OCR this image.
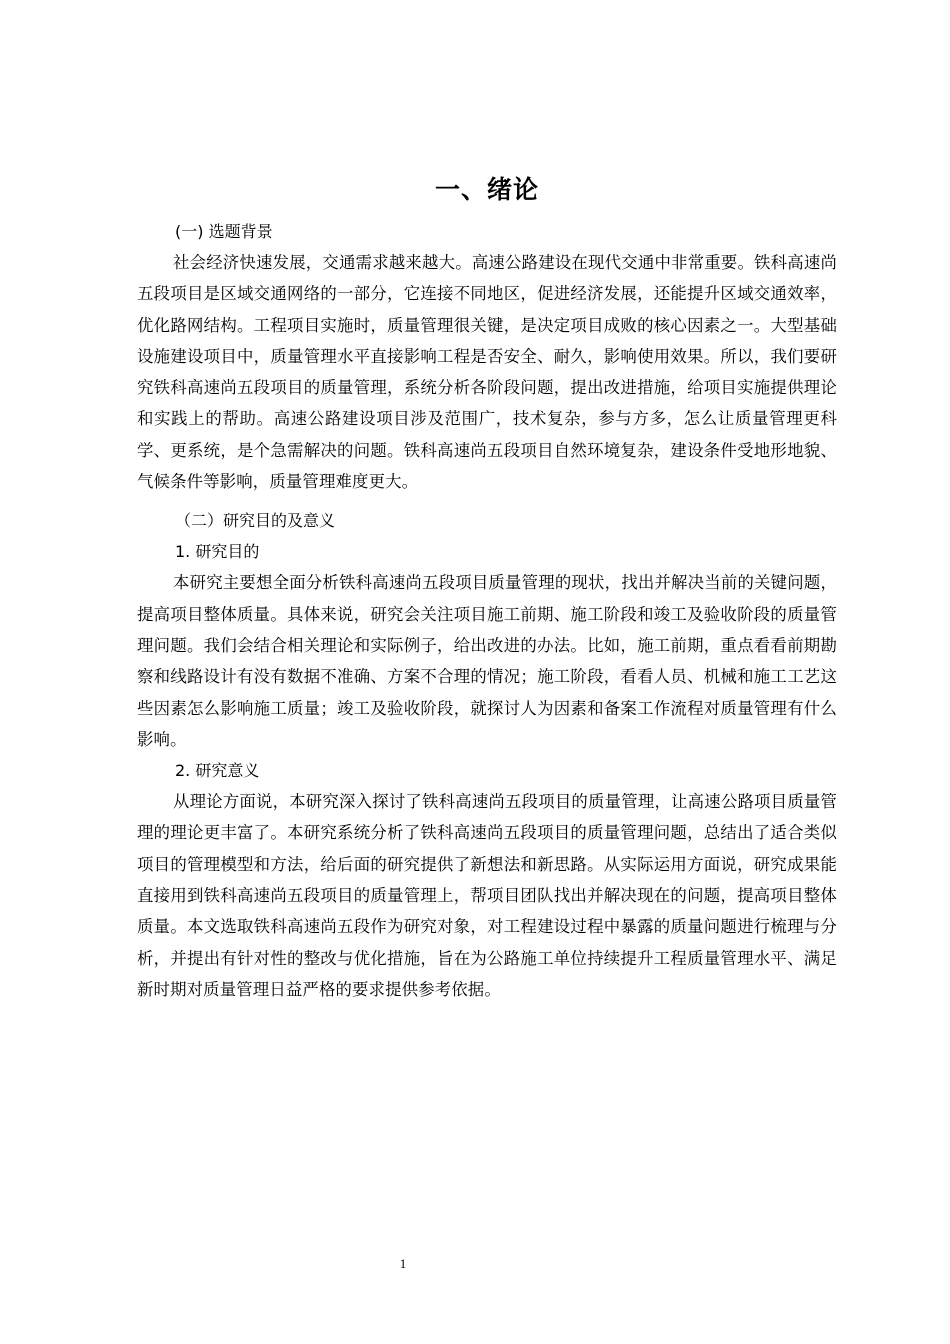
一、绪论

(一) 选题背景

社会经济快速发展，交通需求越来越大。高速公路建设在现代交通中非常重要。铁科高速尚五段项目是区域交通网络的一部分，它连接不同地区，促进经济发展，还能提升区域交通效率，优化路网结构。工程项目实施时，质量管理很关键，是决定项目成败的核心因素之一。大型基础设施建设项目中，质量管理水平直接影响工程是否安全、耐久，影响使用效果。所以，我们要研究铁科高速尚五段项目的质量管理，系统分析各阶段问题，提出改进措施，给项目实施提供理论和实践上的帮助。高速公路建设项目涉及范围广，技术复杂，参与方多，怎么让质量管理更科学、更系统，是个急需解决的问题。铁科高速尚五段项目自然环境复杂，建设条件受地形地貌、气候条件等影响，质量管理难度更大。

（二）研究目的及意义

1. 研究目的

本研究主要想全面分析铁科高速尚五段项目质量管理的现状，找出并解决当前的关键问题，提高项目整体质量。具体来说，研究会关注项目施工前期、施工阶段和竣工及验收阶段的质量管理问题。我们会结合相关理论和实际例子，给出改进的办法。比如，施工前期，重点看看前期勘察和线路设计有没有数据不准确、方案不合理的情况；施工阶段，看看人员、机械和施工工艺这些因素怎么影响施工质量；竣工及验收阶段，就探讨人为因素和备案工作流程对质量管理有什么影响。

2. 研究意义

从理论方面说，本研究深入探讨了铁科高速尚五段项目的质量管理，让高速公路项目质量管理的理论更丰富了。本研究系统分析了铁科高速尚五段项目的质量管理问题，总结出了适合类似项目的管理模型和方法，给后面的研究提供了新想法和新思路。从实际运用方面说，研究成果能直接用到铁科高速尚五段项目的质量管理上，帮项目团队找出并解决现在的问题，提高项目整体质量。本文选取铁科高速尚五段作为研究对象，对工程建设过程中暴露的质量问题进行梳理与分析，并提出有针对性的整改与优化措施，旨在为公路施工单位持续提升工程质量管理水平、满足新时期对质量管理日益严格的要求提供参考依据。

1
